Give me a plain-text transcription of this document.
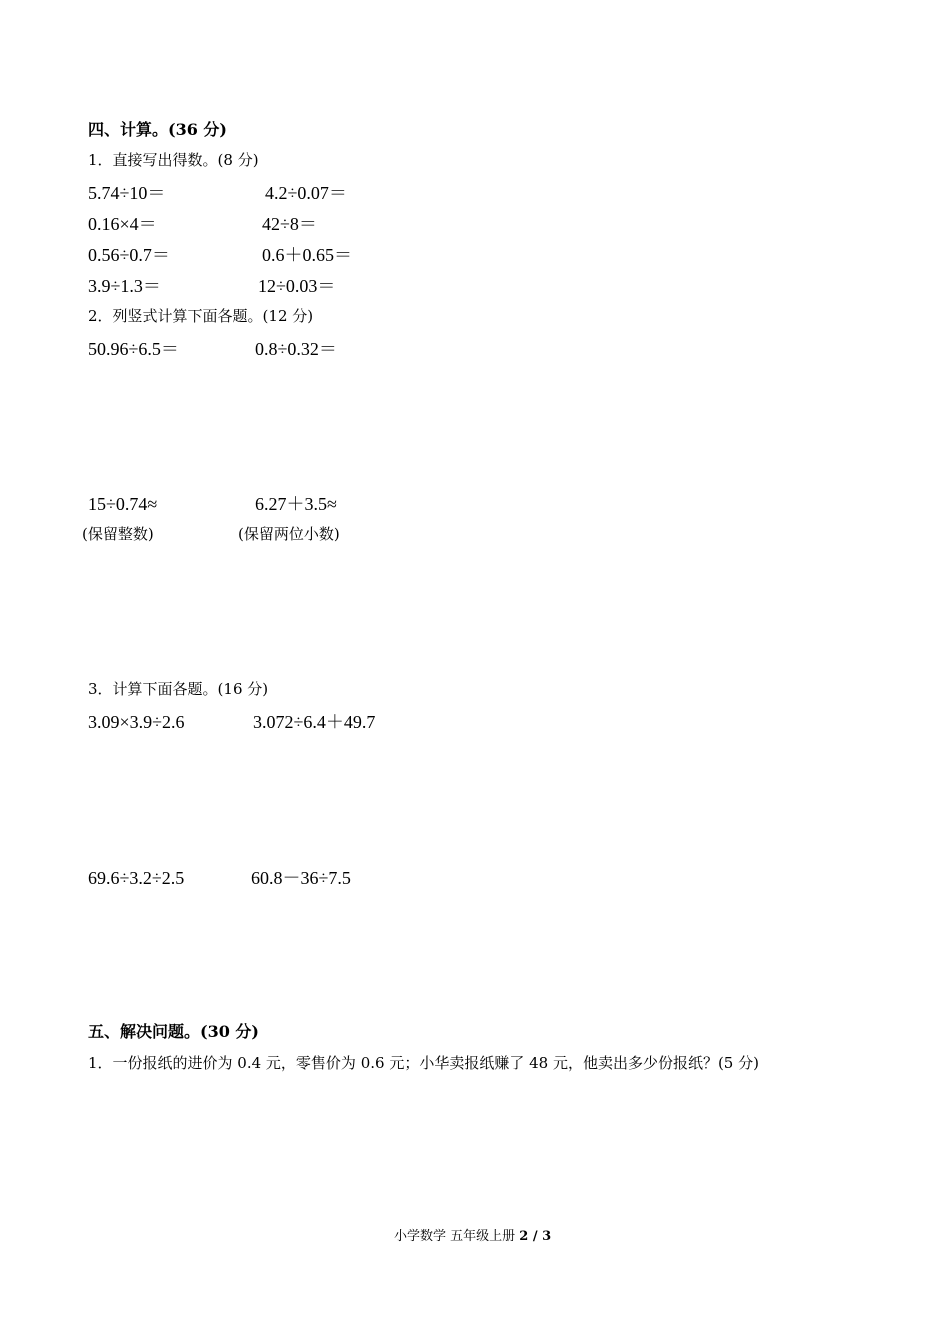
四、计算。(36 分)
1．直接写出得数。(8 分)
5.74÷10＝	4.2÷0.07＝
0.16×4＝	42÷8＝
0.56÷0.7＝	0.6＋0.65＝
3.9÷1.3＝	12÷0.03＝
2．列竖式计算下面各题。(12 分)
50.96÷6.5＝	0.8÷0.32＝
15÷0.74≈	6.27＋3.5≈
(保留整数)	(保留两位小数)
3．计算下面各题。(16 分)
3.09×3.9÷2.6	3.072÷6.4＋49.7
69.6÷3.2÷2.5	60.8－36÷7.5
五、解决问题。(30 分)
1．一份报纸的进价为 0.4 元，零售价为 0.6 元；小华卖报纸赚了 48 元，他卖出多少份报纸？(5 分)
小学数学 五年级上册 2 / 3
